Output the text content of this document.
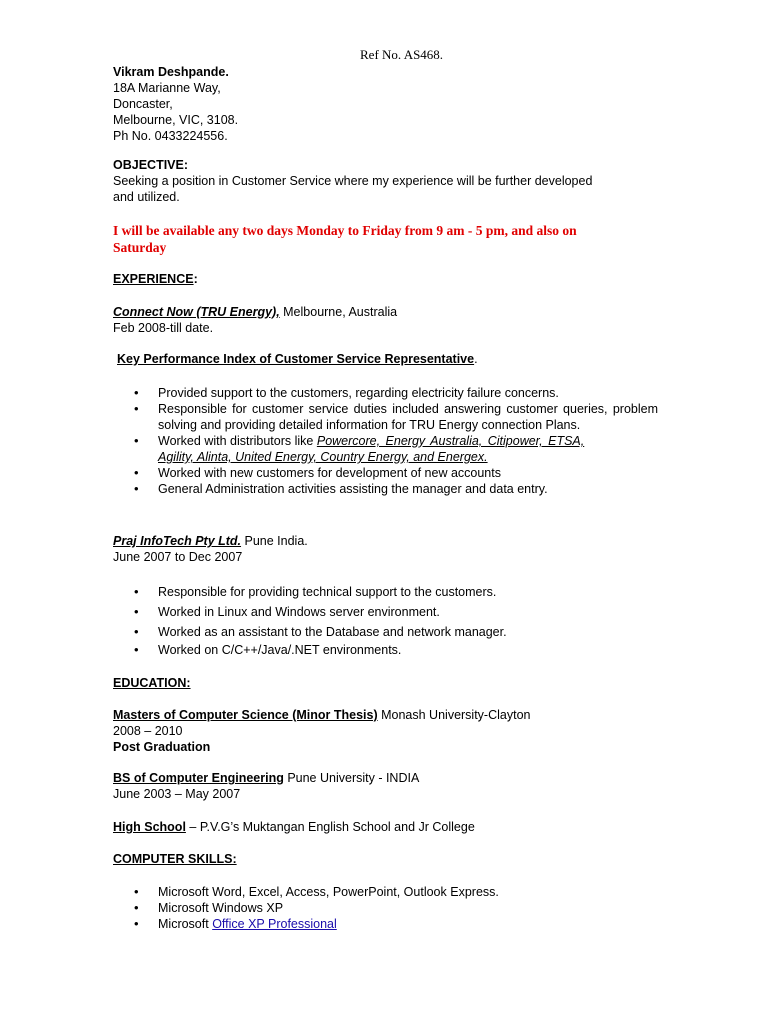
Ref No. AS468.
Vikram Deshpande.
18A Marianne Way,
Doncaster,
Melbourne, VIC, 3108.
Ph No. 0433224556.
OBJECTIVE:
Seeking a position in Customer Service where my experience will be further developed
and utilized.
I will be available any two days Monday to Friday from 9 am - 5 pm, and also on
Saturday
EXPERIENCE:
Connect Now (TRU Energy), Melbourne, Australia
Feb 2008-till date.
Key Performance Index of Customer Service Representative.
• Provided support to the customers, regarding electricity failure concerns.
• Responsible for customer service duties included answering customer queries, problem solving and providing detailed information for TRU Energy connection Plans.
• Worked with distributors like Powercore, Energy Australia, Citipower, ETSA,
Agility, Alinta, United Energy, Country Energy, and Energex.
• Worked with new customers for development of new accounts
• General Administration activities assisting the manager and data entry.
Praj InfoTech Pty Ltd. Pune India.
June 2007 to Dec 2007
• Responsible for providing technical support to the customers.
• Worked in Linux and Windows server environment.
• Worked as an assistant to the Database and network manager.
• Worked on C/C++/Java/.NET environments.
EDUCATION:
Masters of Computer Science (Minor Thesis) Monash University-Clayton
2008 – 2010
Post Graduation
BS of Computer Engineering Pune University - INDIA
June 2003 – May 2007
High School – P.V.G’s Muktangan English School and Jr College
COMPUTER SKILLS:
• Microsoft Word, Excel, Access, PowerPoint, Outlook Express.
• Microsoft Windows XP
• Microsoft Office XP Professional
